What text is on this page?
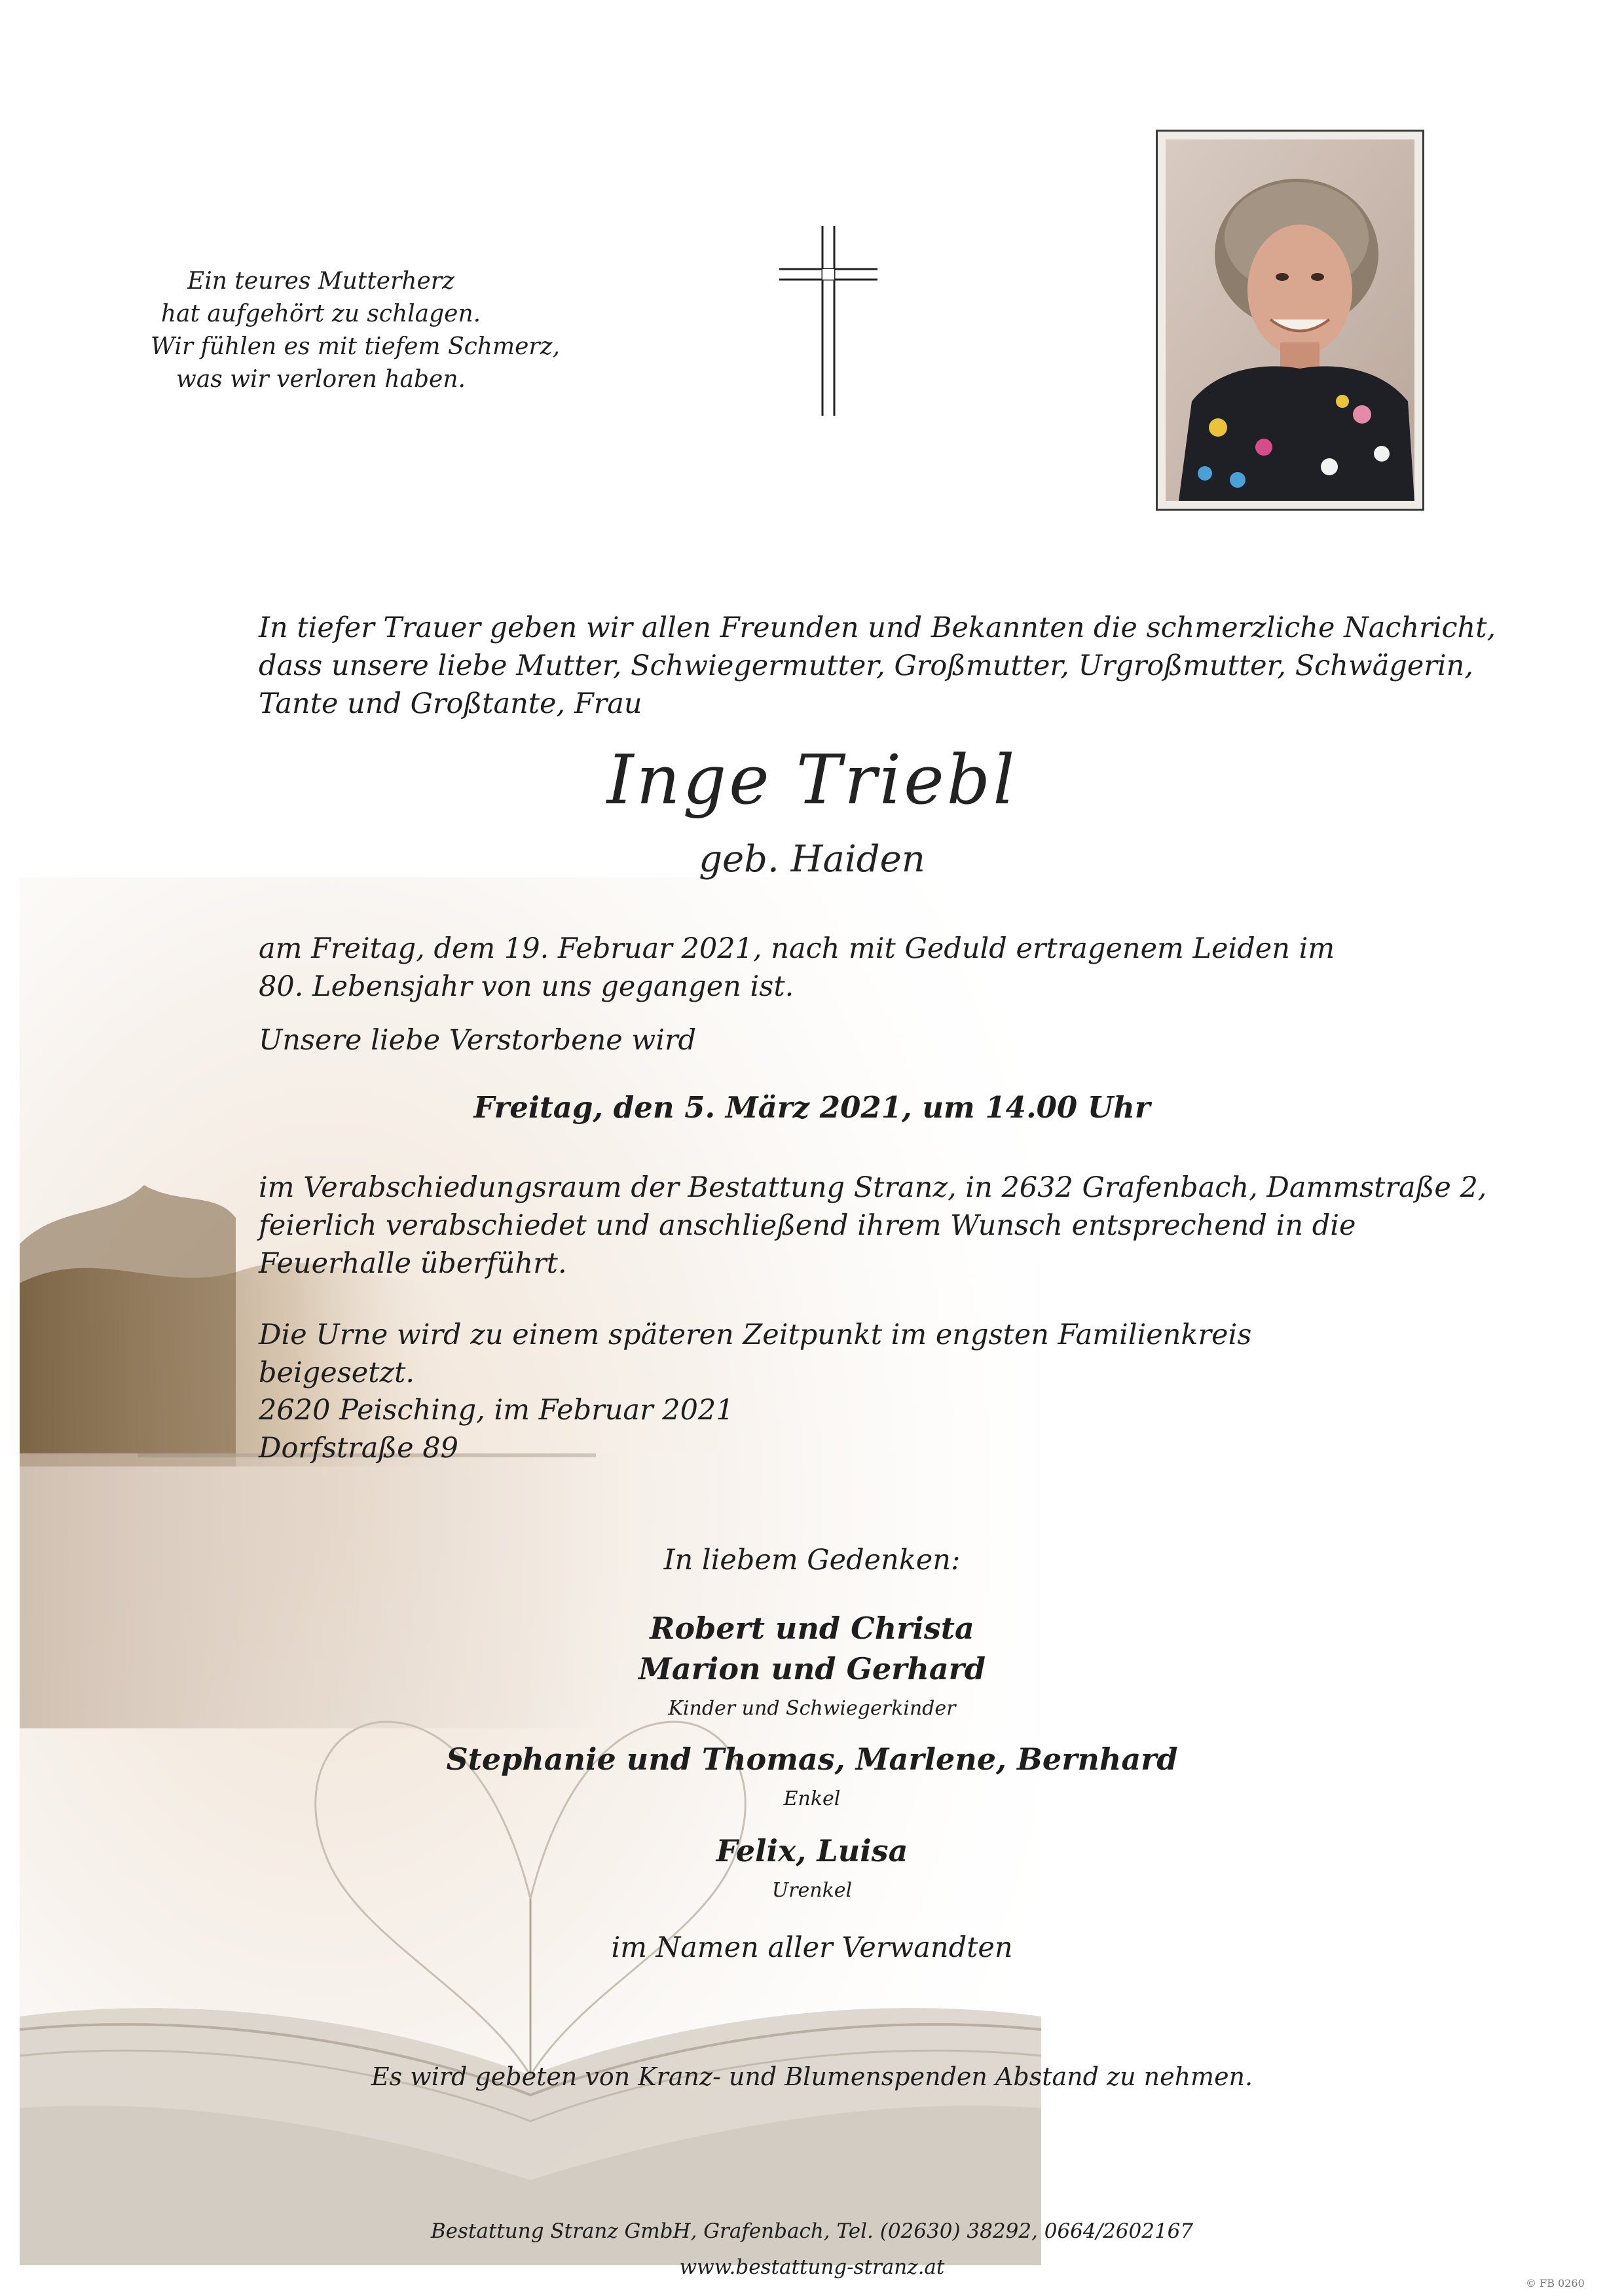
Ein teures Mutterherz
hat aufgehört zu schlagen.
Wir fühlen es mit tiefem Schmerz,
was wir verloren haben.
In tiefer Trauer geben wir allen Freunden und Bekannten die schmerzliche Nachricht,
dass unsere liebe Mutter, Schwiegermutter, Großmutter, Urgroßmutter, Schwägerin,
Tante und Großtante, Frau
Inge Triebl
geb. Haiden
am Freitag, dem 19. Februar 2021, nach mit Geduld ertragenem Leiden im
80. Lebensjahr von uns gegangen ist.
Unsere liebe Verstorbene wird
Freitag, den 5. März 2021, um 14.00 Uhr
im Verabschiedungsraum der Bestattung Stranz, in 2632 Grafenbach, Dammstraße 2,
feierlich verabschiedet und anschließend ihrem Wunsch entsprechend in die
Feuerhalle überführt.
Die Urne wird zu einem späteren Zeitpunkt im engsten Familienkreis beigesetzt.
2620 Peisching, im Februar 2021
Dorfstraße 89
In liebem Gedenken:
Robert und Christa
Marion und Gerhard
Kinder und Schwiegerkinder
Stephanie und Thomas, Marlene, Bernhard
Enkel
Felix, Luisa
Urenkel
im Namen aller Verwandten
Es wird gebeten von Kranz- und Blumenspenden Abstand zu nehmen.
Bestattung Stranz GmbH, Grafenbach, Tel. (02630) 38292, 0664/2602167
www.bestattung-stranz.at
© FB 0260
